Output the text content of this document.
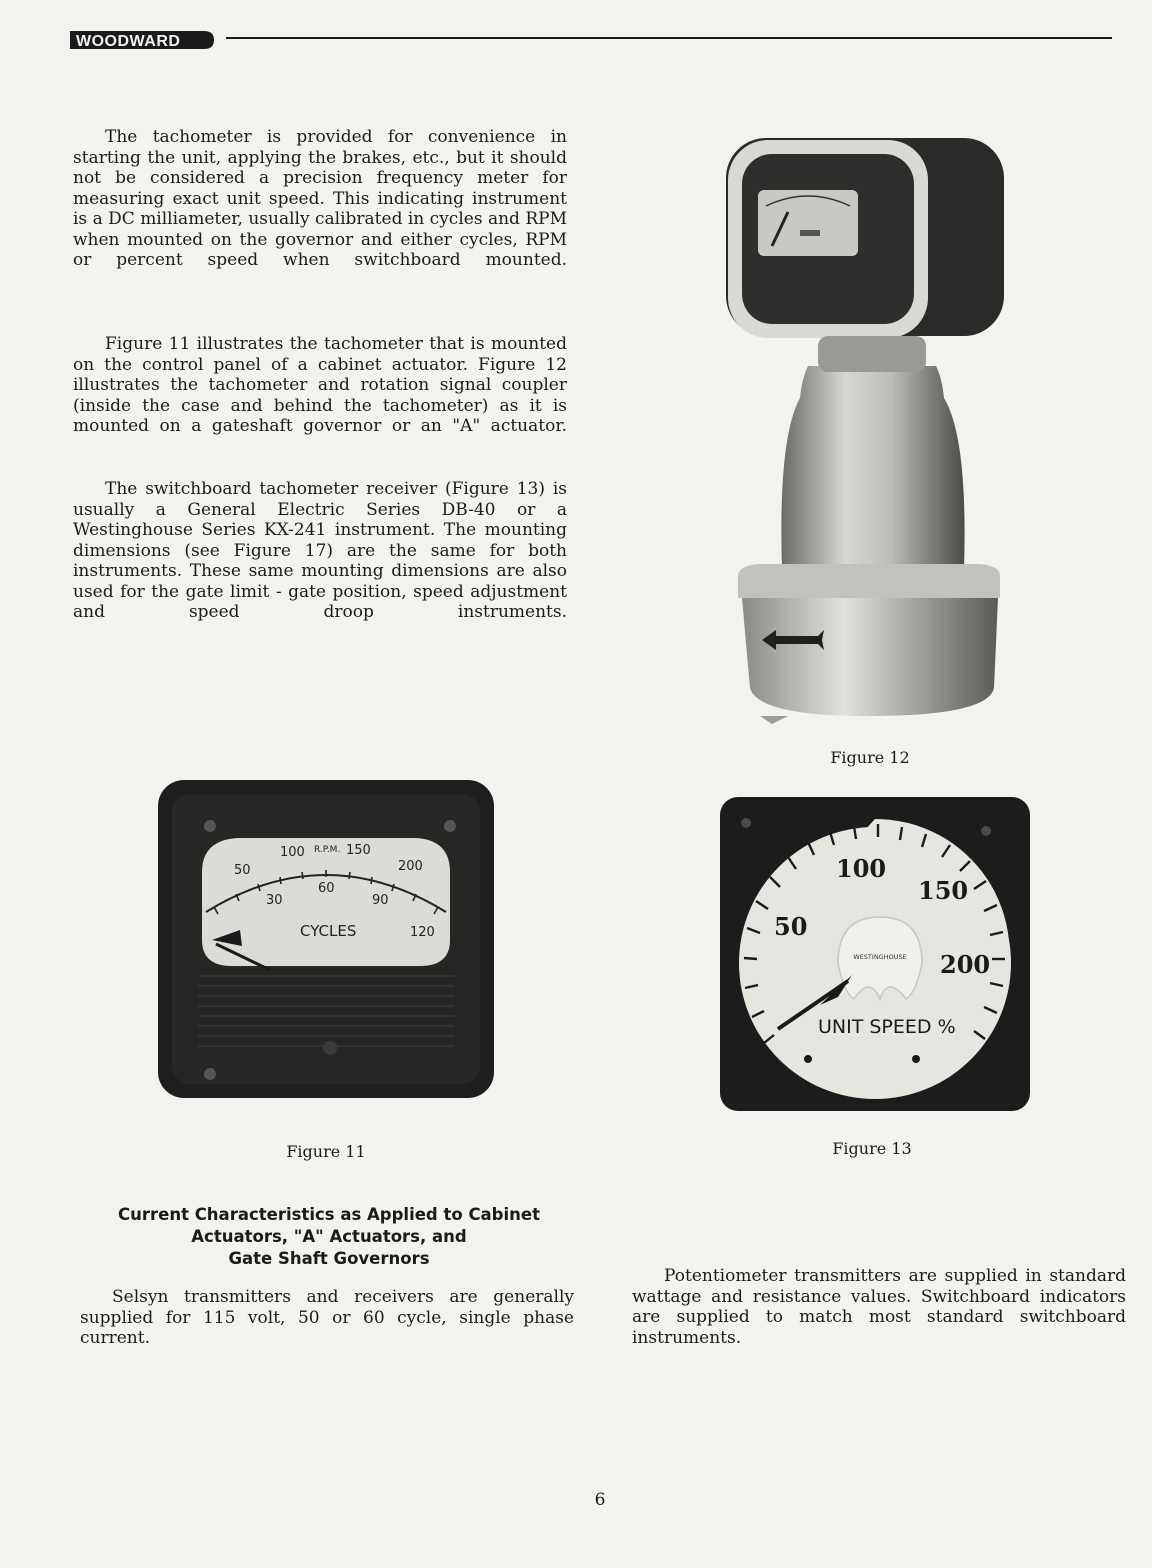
WOODWARD

The tachometer is provided for convenience in starting the unit, applying the brakes, etc., but it should not be considered a precision frequency meter for measuring exact unit speed. This indicating instrument is a DC milliameter, usually calibrated in cycles and RPM when mounted on the governor and either cycles, RPM or percent speed when switchboard mounted.

Figure 11 illustrates the tachometer that is mounted on the control panel of a cabinet actuator. Figure 12 illustrates the tachometer and rotation signal coupler (inside the case and behind the tachometer) as it is mounted on a gateshaft governor or an "A" actuator.

The switchboard tachometer receiver (Figure 13) is usually a General Electric Series DB-40 or a Westinghouse Series KX-241 instrument. The mounting dimensions (see Figure 17) are the same for both instruments. These same mounting dimensions are also used for the gate limit - gate position, speed adjustment and speed droop instruments.

Figure 12
50
100 R.P.M. 150
200
30
60
90
120
CYCLES
Figure 11
50
100
150
200
WESTINGHOUSE
UNIT SPEED %
Figure 13
Current Characteristics as Applied to Cabinet
Actuators, "A" Actuators, and
Gate Shaft Governors

Selsyn transmitters and receivers are generally supplied for 115 volt, 50 or 60 cycle, single phase current.

Potentiometer transmitters are supplied in standard wattage and resistance values. Switchboard indicators are supplied to match most standard switchboard instruments.

6
